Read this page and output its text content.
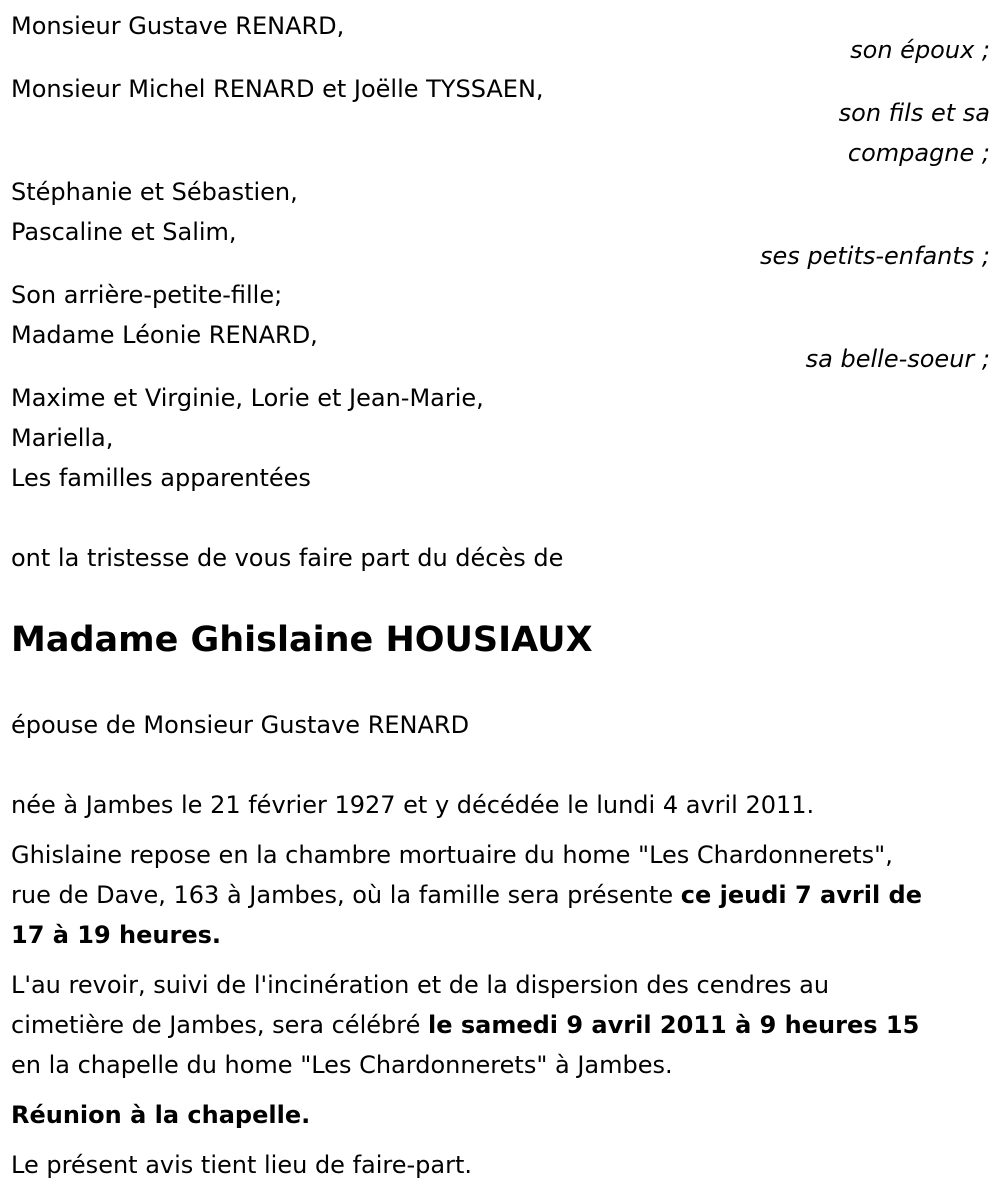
Monsieur Gustave RENARD,

son époux ;

Monsieur Michel RENARD et Joëlle TYSSAEN,

son fils et sa

compagne ;

Stéphanie et Sébastien,

Pascaline et Salim,

ses petits-enfants ;

Son arrière-petite-fille;

Madame Léonie RENARD,

sa belle-soeur ;

Maxime et Virginie, Lorie et Jean-Marie,

Mariella,

Les familles apparentées

ont la tristesse de vous faire part du décès de

Madame Ghislaine HOUSIAUX

épouse de Monsieur Gustave RENARD

née à Jambes le 21 février 1927 et y décédée le lundi 4 avril 2011.

Ghislaine repose en la chambre mortuaire du home "Les Chardonnerets",

rue de Dave, 163 à Jambes, où la famille sera présente ce jeudi 7 avril de

17 à 19 heures.

L'au revoir, suivi de l'incinération et de la dispersion des cendres au

cimetière de Jambes, sera célébré le samedi 9 avril 2011 à 9 heures 15

en la chapelle du home "Les Chardonnerets" à Jambes.

Réunion à la chapelle.

Le présent avis tient lieu de faire-part.
